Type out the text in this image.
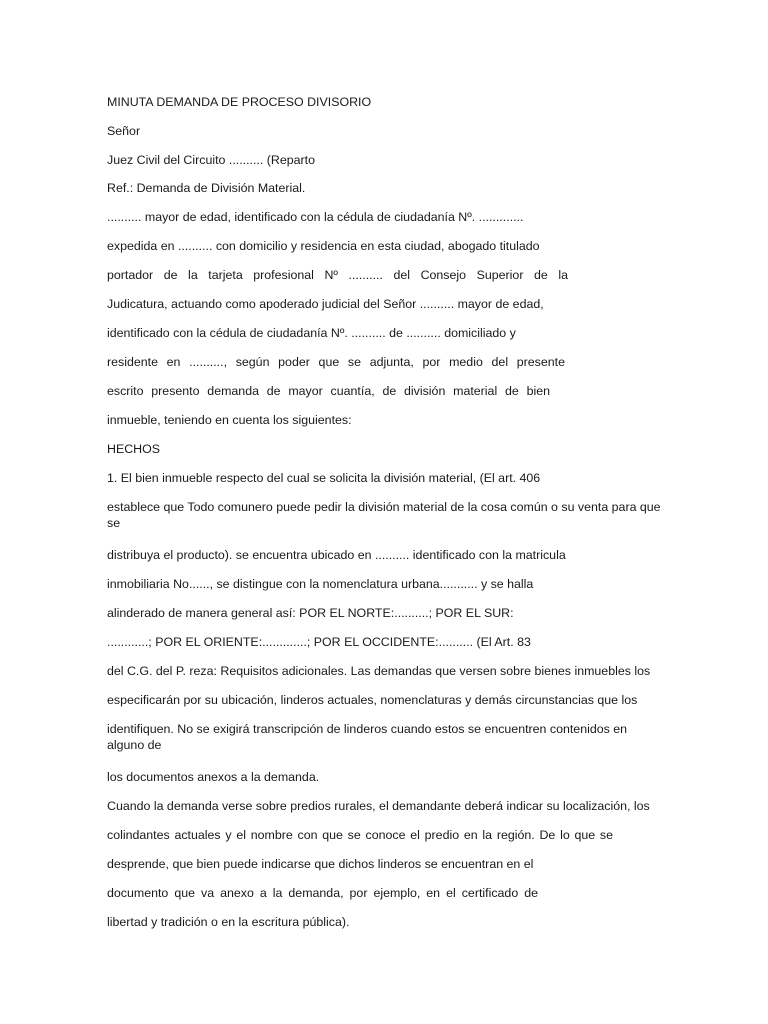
MINUTA DEMANDA DE PROCESO DIVISORIO
Señor
Juez Civil del Circuito .......... (Reparto
Ref.: Demanda de División Material.
.......... mayor de edad, identificado con la cédula de ciudadanía Nº. .............
expedida en .......... con domicilio y residencia en esta ciudad, abogado titulado
portador de la tarjeta profesional Nº .......... del Consejo Superior de la
Judicatura, actuando como apoderado judicial del Señor .......... mayor de edad,
identificado con la cédula de ciudadanía Nº. .......... de .......... domiciliado y
residente en .........., según poder que se adjunta, por medio del presente
escrito presento demanda de mayor cuantía, de división material de bien
inmueble, teniendo en cuenta los siguientes:
HECHOS
1. El bien inmueble respecto del cual se solicita la división material, (El art. 406
establece que Todo comunero puede pedir la división material de la cosa común o su venta para que se
distribuya el producto). se encuentra ubicado en .......... identificado con la matricula
inmobiliaria No......, se distingue con la nomenclatura urbana........... y se halla
alinderado de manera general así: POR EL NORTE:..........; POR EL SUR:
............; POR EL ORIENTE:.............; POR EL OCCIDENTE:.......... (El Art. 83
del C.G. del P. reza: Requisitos adicionales. Las demandas que versen sobre bienes inmuebles los
especificarán por su ubicación, linderos actuales, nomenclaturas y demás circunstancias que los
identifiquen. No se exigirá transcripción de linderos cuando estos se encuentren contenidos en alguno de
los documentos anexos a la demanda.
Cuando la demanda verse sobre predios rurales, el demandante deberá indicar su localización, los
colindantes actuales y el nombre con que se conoce el predio en la región. De lo que se
desprende, que bien puede indicarse que dichos linderos se encuentran en el
documento que va anexo a la demanda, por ejemplo, en el certificado de
libertad y tradición o en la escritura pública).
